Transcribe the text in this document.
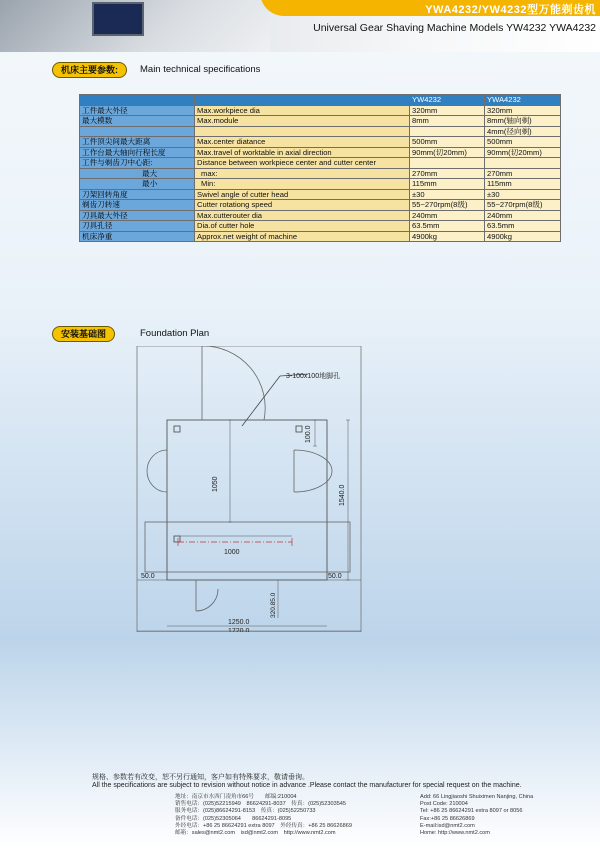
YWA4232/YW4232型万能剃齿机
Universal Gear Shaving Machine Models YW4232 YWA4232
机床主要参数:	Main technical specifications
		YW4232	YWA4232
工件最大外径	Max.workpiece dia	320mm	320mm
最大模数	Max.module	8mm	8mm(轴向剃)
			4mm(径向剃)
工件顶尖间最大距离	Max.center diatance	500mm	500mm
工作台最大轴向行程长度	Max.travel of worktable in axial direction	90mm(切20mm)	90mm(切20mm)
工件与剃齿刀中心距:	Distance between workpiece center and cutter center		
最大	max:	270mm	270mm
最小	Min:	115mm	115mm
刀架回转角度	Swivel angle of cutter head	±30	±30
剃齿刀转速	Cutter rotationg speed	55~270rpm(8级)	55~270rpm(8级)
刀具最大外径	Max.cutterouter dia	240mm	240mm
刀具孔径	Dia.of cutter hole	63.5mm	63.5mm
机床净重	Approx.net weight of machine	4900kg	4900kg
安装基础图	Foundation Plan
3-100x100地脚孔
100.0
1050
1540.0
1000
50.0	50.0
320.85.0
1250.0
1720.0
规格、参数若有改变，恕不另行通知，客户如有特殊要求，敬请垂询。
All the specifications are subject to revision without notice in advance .Please contact the manufacturer for special request on the machine.
地址：南京市水西门凌角市66号　　邮编:210004
销售电话：(025)52215949　86624291-8037　传真：(025)52303545
服务电话：(025)86624291-8153　传真：(025)52250733
备件电话：(025)52305064　　86624291-8095
外经电话：+86 25 86624291 extra 8097　外经传真：+86 25 86626869
邮箱：sales@nmt2.com　isd@nmt2.com　http://www.nmt2.com
Add: 66 Lingjiaoshi Shuiximen Nanjing, China
Post Code: 210004
Tel: +86 25 86624291 extra 8097 or 8056
Fax:+86 25 86626869
E-mail:isd@nmt2.com
Home: http://www.nmt2.com
